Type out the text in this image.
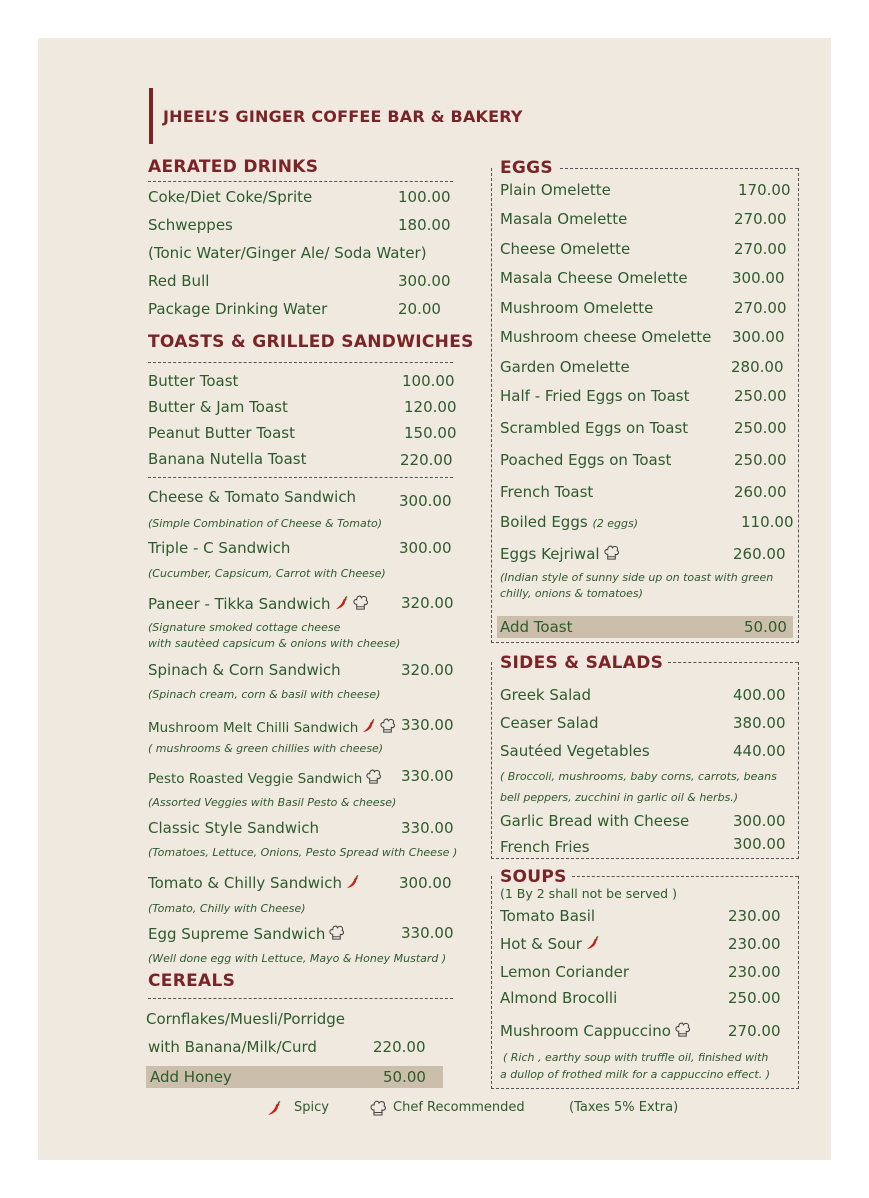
JHEEL’S GINGER COFFEE BAR & BAKERY
AERATED DRINKS
Coke/Diet Coke/Sprite	100.00
Schweppes	180.00
(Tonic Water/Ginger Ale/ Soda Water)
Red Bull	300.00
Package Drinking Water	20.00
TOASTS & GRILLED SANDWICHES
Butter Toast	100.00
Butter & Jam Toast	120.00
Peanut Butter Toast	150.00
Banana Nutella Toast	220.00
Cheese & Tomato Sandwich	300.00
(Simple Combination of Cheese & Tomato)
Triple - C Sandwich	300.00
(Cucumber, Capsicum, Carrot with Cheese)
Paneer - Tikka Sandwich	320.00
(Signature smoked cottage cheese
with sautèed capsicum & onions with cheese)
Spinach & Corn Sandwich	320.00
(Spinach cream, corn & basil with cheese)
Mushroom Melt Chilli Sandwich	330.00
( mushrooms & green chillies with cheese)
Pesto Roasted Veggie Sandwich	330.00
(Assorted Veggies with Basil Pesto & cheese)
Classic Style Sandwich	330.00
(Tomatoes, Lettuce, Onions, Pesto Spread with Cheese )
Tomato & Chilly Sandwich	300.00
(Tomato, Chilly with Cheese)
Egg Supreme Sandwich	330.00
(Well done egg with Lettuce, Mayo & Honey Mustard )
CEREALS
Cornflakes/Muesli/Porridge
with Banana/Milk/Curd	220.00
Add Honey	50.00
EGGS
Plain Omelette	170.00
Masala Omelette	270.00
Cheese Omelette	270.00
Masala Cheese Omelette	300.00
Mushroom Omelette	270.00
Mushroom cheese Omelette 300.00
Garden Omelette	280.00
Half - Fried Eggs on Toast	250.00
Scrambled Eggs on Toast	250.00
Poached Eggs on Toast	250.00
French Toast	260.00
Boiled Eggs (2 eggs)	110.00
Eggs Kejriwal	260.00
(Indian style of sunny side up on toast with green chilly, onions & tomatoes)
Add Toast	50.00
SIDES & SALADS
Greek Salad	400.00
Ceaser Salad	380.00
Sautéed Vegetables	440.00
( Broccoli, mushrooms, baby corns, carrots, beans
bell peppers, zucchini in garlic oil & herbs.)
Garlic Bread with Cheese	300.00
French Fries	300.00
SOUPS
(1 By 2 shall not be served )
Tomato Basil	230.00
Hot & Sour	230.00
Lemon Coriander	230.00
Almond Brocolli	250.00
Mushroom Cappuccino	270.00
( Rich , earthy soup with truffle oil, finished with
a dullop of frothed milk for a cappuccino effect. )
Spicy	Chef Recommended	(Taxes 5% Extra)
